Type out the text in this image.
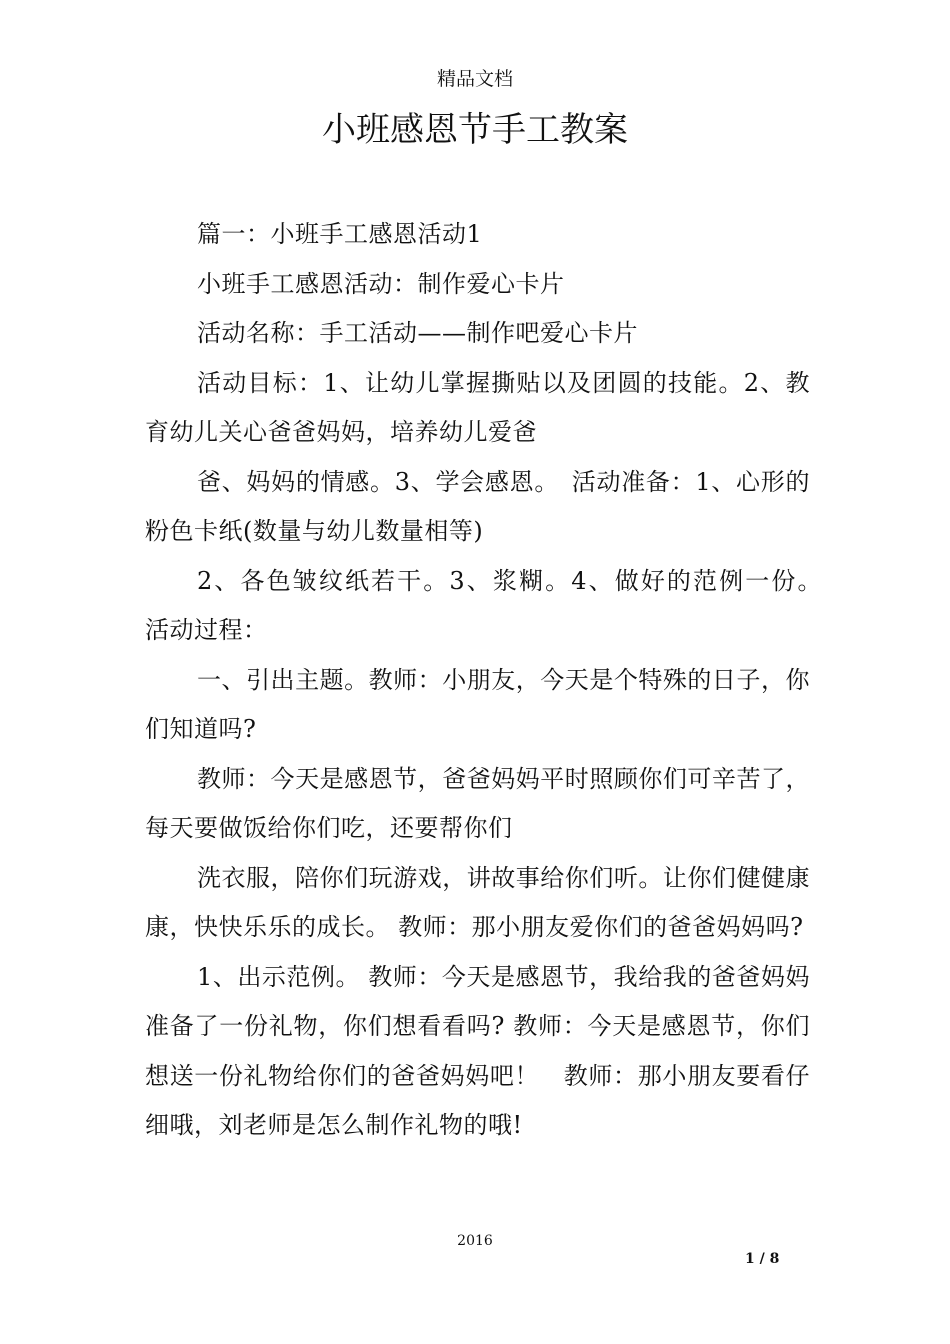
精品文档
小班感恩节手工教案

篇一：小班手工感恩活动1

小班手工感恩活动：制作爱心卡片

活动名称：手工活动——制作吧爱心卡片

活动目标：1、让幼儿掌握撕贴以及团圆的技能。2、教育幼儿关心爸爸妈妈，培养幼儿爱爸

爸、妈妈的情感。3、学会感恩。　活动准备：1、心形的粉色卡纸(数量与幼儿数量相等)

2、各色皱纹纸若干。3、浆糊。4、做好的范例一份。　活动过程：

一、引出主题。教师：小朋友，今天是个特殊的日子，你们知道吗?

教师：今天是感恩节，爸爸妈妈平时照顾你们可辛苦了，每天要做饭给你们吃，还要帮你们

洗衣服，陪你们玩游戏，讲故事给你们听。让你们健健康康，快快乐乐的成长。 教师：那小朋友爱你们的爸爸妈妈吗?

1、出示范例。 教师：今天是感恩节，我给我的爸爸妈妈准备了一份礼物，你们想看看吗? 教师：今天是感恩节，你们想送一份礼物给你们的爸爸妈妈吧！　教师：那小朋友要看仔细哦，刘老师是怎么制作礼物的哦!

2016
1 / 8
